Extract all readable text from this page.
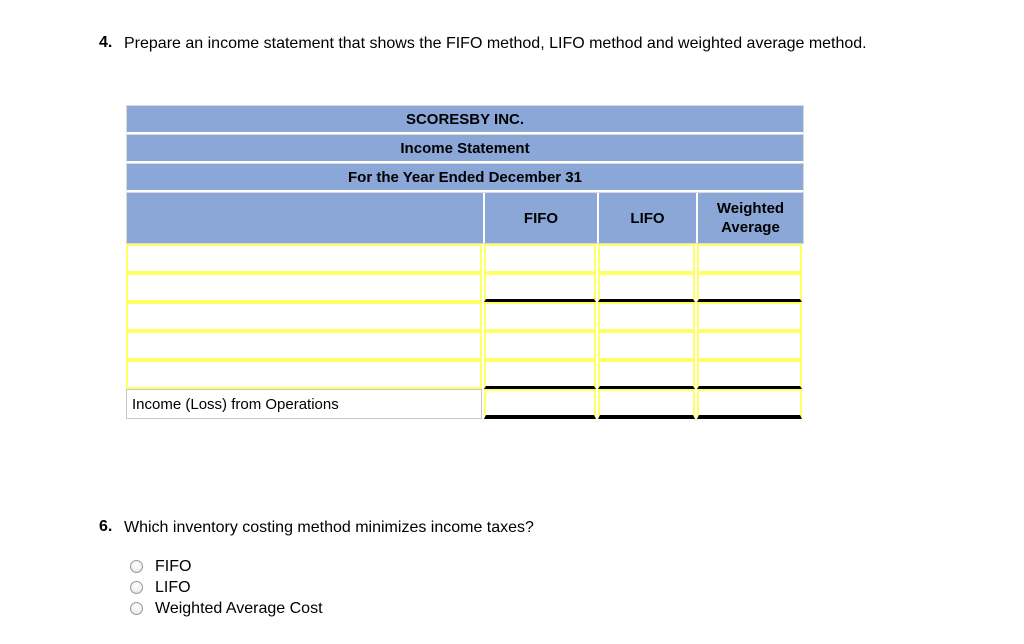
4. Prepare an income statement that shows the FIFO method, LIFO method and weighted average method.
SCORESBY INC.
Income Statement
For the Year Ended December 31
FIFO	LIFO
Weighted
Average
Income (Loss) from Operations
6. Which inventory costing method minimizes income taxes?
FIFO
LIFO
Weighted Average Cost
